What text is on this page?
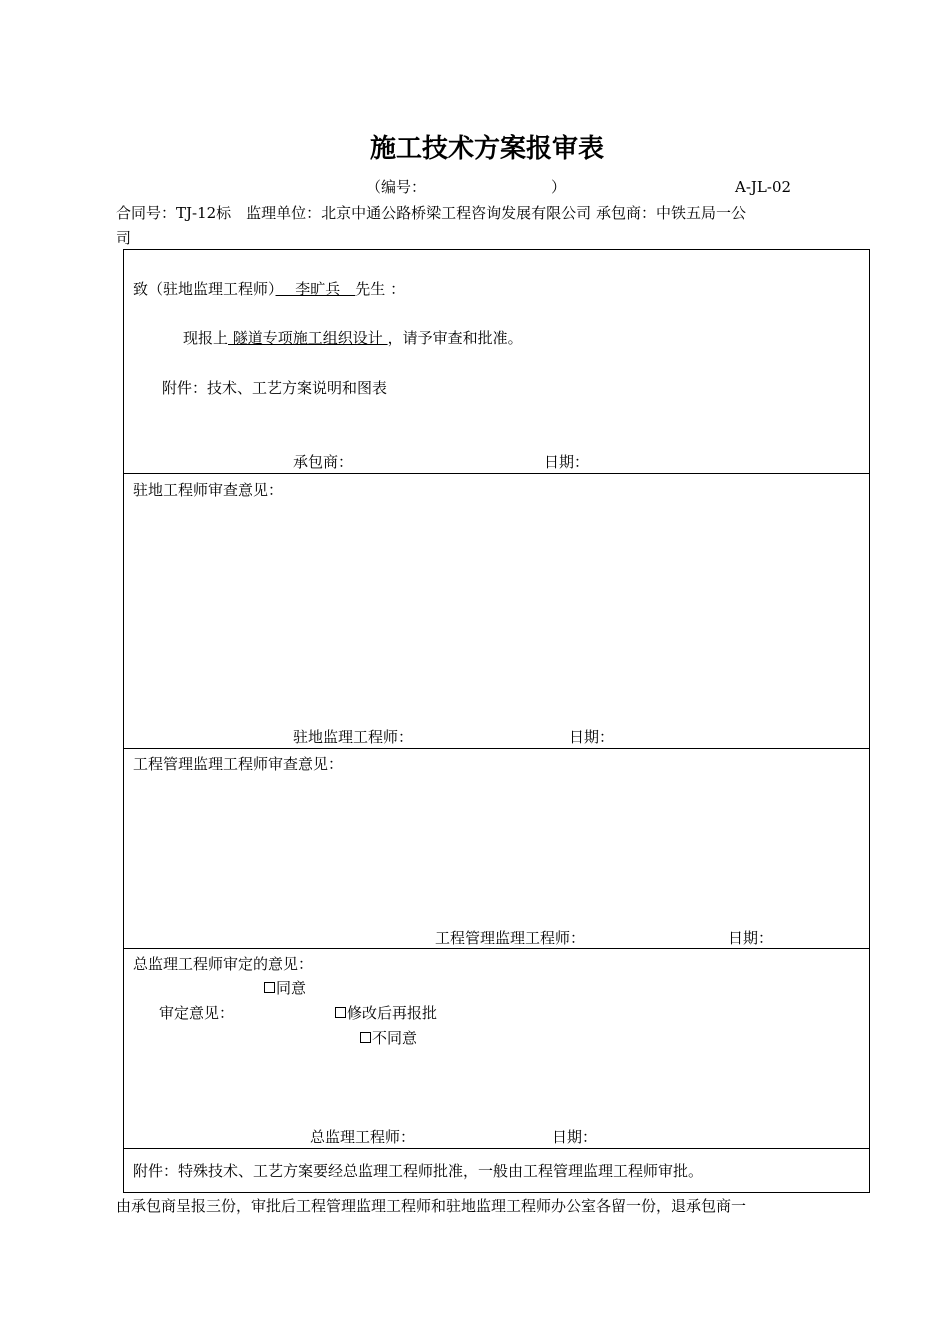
施工技术方案报审表
（编号：	）	A-JL-02
合同号：TJ-12标　监理单位：北京中通公路桥梁工程咨询发展有限公司 承包商：中铁五局一公
司
致（驻地监理工程师）　 李旷兵　先生 ：
现报上 隧道专项施工组织设计 ，请予审查和批准。
附件：技术、工艺方案说明和图表
承包商：	日期：
驻地工程师审查意见：
驻地监理工程师：	日期：
工程管理监理工程师审查意见：
工程管理监理工程师：	日期：
总监理工程师审定的意见：
同意
审定意见：	修改后再报批
不同意
总监理工程师：	日期：
附件：特殊技术、工艺方案要经总监理工程师批准，一般由工程管理监理工程师审批。
由承包商呈报三份，审批后工程管理监理工程师和驻地监理工程师办公室各留一份，退承包商一
